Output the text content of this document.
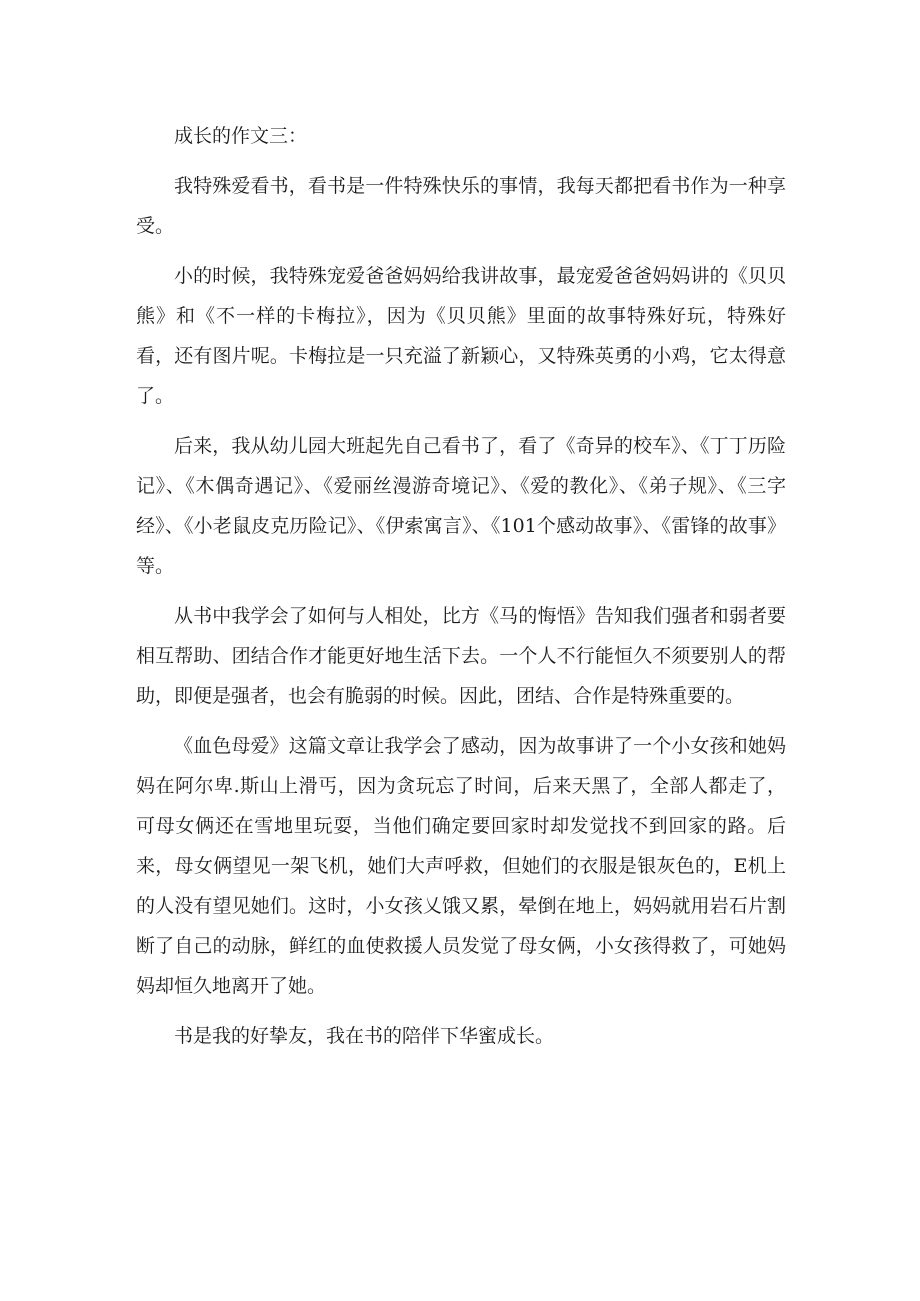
成长的作文三：

我特殊爱看书，看书是一件特殊快乐的事情，我每天都把看书作为一种享受。

小的时候，我特殊宠爱爸爸妈妈给我讲故事，最宠爱爸爸妈妈讲的《贝贝熊》和《不一样的卡梅拉》，因为《贝贝熊》里面的故事特殊好玩，特殊好看，还有图片呢。卡梅拉是一只充溢了新颖心，又特殊英勇的小鸡，它太得意了。

后来，我从幼儿园大班起先自己看书了，看了《奇异的校车》、《丁丁历险记》、《木偶奇遇记》、《爱丽丝漫游奇境记》、《爱的教化》、《弟子规》、《三字经》、《小老鼠皮克历险记》、《伊索寓言》、《101个感动故事》、《雷锋的故事》等。

从书中我学会了如何与人相处，比方《马的悔悟》告知我们强者和弱者要相互帮助、团结合作才能更好地生活下去。一个人不行能恒久不须要别人的帮助，即便是强者，也会有脆弱的时候。因此，团结、合作是特殊重要的。

《血色母爱》这篇文章让我学会了感动，因为故事讲了一个小女孩和她妈妈在阿尔卑.斯山上滑丐，因为贪玩忘了时间，后来天黑了，全部人都走了，可母女俩还在雪地里玩耍，当他们确定要回家时却发觉找不到回家的路。后来，母女俩望见一架飞机，她们大声呼救，但她们的衣服是银灰色的，E机上的人没有望见她们。这时，小女孩乂饿又累，晕倒在地上，妈妈就用岩石片割断了自己的动脉，鲜红的血使救援人员发觉了母女俩，小女孩得救了，可她妈妈却恒久地离开了她。

书是我的好挚友，我在书的陪伴下华蜜成长。
